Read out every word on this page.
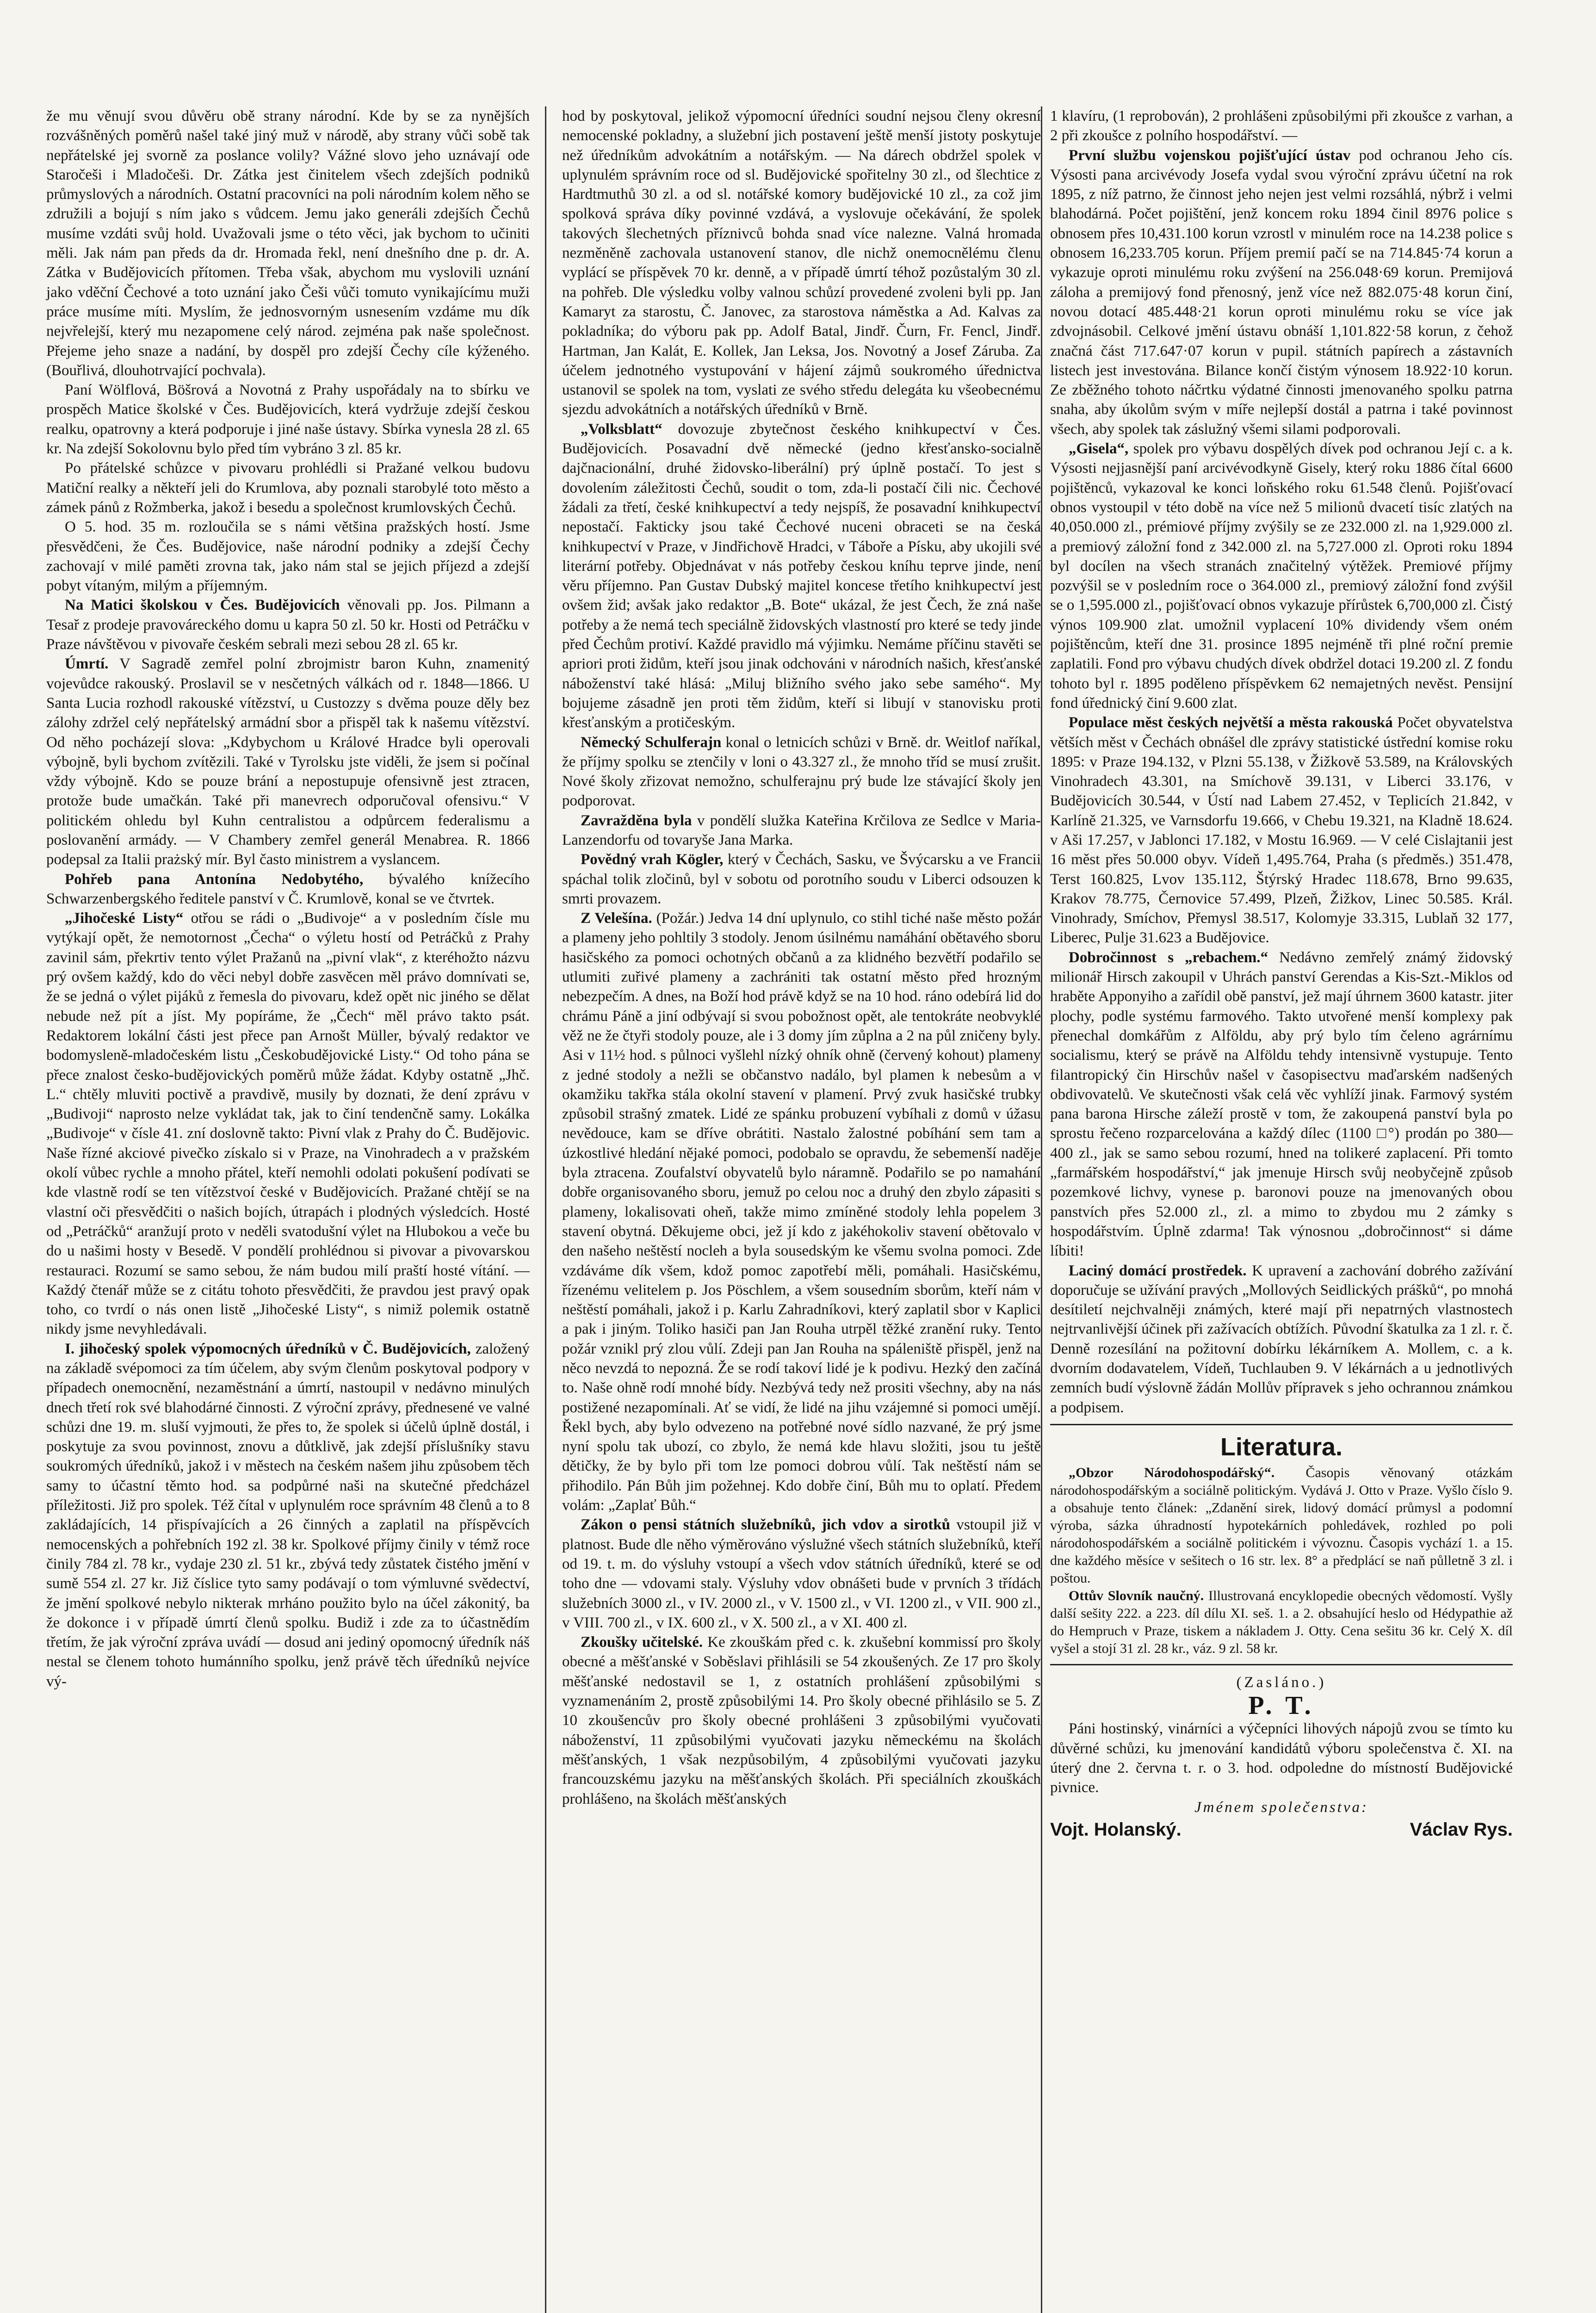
že mu věnují svou důvěru obě strany národní. Kde by se za nynějších rozvášněných poměrů našel také jiný muž v národě, aby strany vůči sobě tak nepřátelské jej svorně za poslance volily? Vážné slovo jeho uznávají ode Staročeši i Mladočeši. Dr. Zátka jest činitelem všech zdejších podniků průmyslových a národních. Ostatní pracovníci na poli národním kolem něho se združili a bojují s ním jako s vůdcem. Jemu jako generáli zdejších Čechů musíme vzdáti svůj hold. Uvažovali jsme o této věci, jak bychom to učiniti měli. Jak nám pan předs da dr. Hromada řekl, není dnešního dne p. dr. A. Zátka v Budějovicích přítomen. Třeba však, abychom mu vyslovili uznání jako vděční Čechové a toto uznání jako Češi vůči tomuto vynikajícímu muži práce musíme míti. Myslím, že jednosvorným usnesením vzdáme mu dík nejvřelejší, který mu nezapomene celý národ. zejména pak naše společnost. Přejeme jeho snaze a nadání, by dospěl pro zdejší Čechy cíle kýženého. (Bouřlivá, dlouhotrvající pochvala).

Paní Wölflová, Böšrová a Novotná z Prahy uspořádaly na to sbírku ve prospěch Matice školské v Čes. Budějovicích, která vydržuje zdejší českou realku, opatrovny a která podporuje i jiné naše ústavy. Sbírka vynesla 28 zl. 65 kr. Na zdejší Sokolovnu bylo před tím vybráno 3 zl. 85 kr.

Po přátelské schůzce v pivovaru prohlédli si Pražané velkou budovu Matiční realky a někteří jeli do Krumlova, aby poznali starobylé toto město a zámek pánů z Rožmberka, jakož i besedu a společnost krumlovských Čechů.

O 5. hod. 35 m. rozloučila se s námi většina pražských hostí. Jsme přesvědčeni, že Čes. Budějovice, naše národní podniky a zdejší Čechy zachovají v milé paměti zrovna tak, jako nám stal se jejich příjezd a zdejší pobyt vítaným, milým a příjemným.

Na Matici školskou v Čes. Budějovicích věnovali pp. Jos. Pilmann a Tesař z prodeje pravováreckého domu u kapra 50 zl. 50 kr. Hosti od Petráčku v Praze návštěvou v pivovaře českém sebrali mezi sebou 28 zl. 65 kr.

Úmrtí. V Sagradě zemřel polní zbrojmistr baron Kuhn, znamenitý vojevůdce rakouský. Proslavil se v nesčetných válkách od r. 1848—1866. U Santa Lucia rozhodl rakouské vítězství, u Custozzy s dvěma pouze děly bez zálohy zdržel celý nepřátelský armádní sbor a přispěl tak k našemu vítězství. Od něho pocházejí slova: „Kdybychom u Králové Hradce byli operovali výbojně, byli bychom zvítězili. Také v Tyrolsku jste viděli, že jsem si počínal vždy výbojně. Kdo se pouze brání a nepostupuje ofensivně jest ztracen, protože bude umačkán. Také při manevrech odporučoval ofensivu.“ V politickém ohledu byl Kuhn centralistou a odpůrcem federalismu a poslovanění armády. — V Chambery zemřel generál Menabrea. R. 1866 podepsal za Italii prażský mír. Byl často ministrem a vyslancem.

Pohřeb pana Antonína Nedobytého, bývalého knížecího Schwarzenbergského ředitele panství v Č. Krumlově, konal se ve čtvrtek.

„Jihočeské Listy“ otřou se rádi o „Budivoje“ a v posledním čísle mu vytýkají opět, že nemotornost „Čecha“ o výletu hostí od Petráčků z Prahy zavinil sám, překrtiv tento výlet Pražanů na „pivní vlak“, z kteréhožto názvu prý ovšem každý, kdo do věci nebyl dobře zasvěcen měl právo domnívati se, že se jedná o výlet pijáků z řemesla do pivovaru, kdež opět nic jiného se dělat nebude než pít a jíst. My popíráme, že „Čech“ měl právo takto psát. Redaktorem lokální části jest přece pan Arnošt Müller, bývalý redaktor ve bodomysleně-mladočeském listu „Českobudějovické Listy.“ Od toho pána se přece znalost česko-budějovických poměrů může žádat. Kdyby ostatně „Jhč. L.“ chtěly mluviti poctivě a pravdivě, musily by doznati, že dení zprávu v „Budivoji“ naprosto nelze vykládat tak, jak to činí tendenčně samy. Lokálka „Budivoje“ v čísle 41. zní doslovně takto: Pivní vlak z Prahy do Č. Budějovic. Naše řízné akciové pivečko získalo si v Praze, na Vinohradech a v pražském okolí vůbec rychle a mnoho přátel, kteří nemohli odolati pokušení podívati se kde vlastně rodí se ten vítězstvoí české v Budějovicích. Pražané chtějí se na vlastní oči přesvědčiti o našich bojích, útrapách i plodných výsledcích. Hosté od „Petráčků“ aranžují proto v neděli svatodušní výlet na Hlubokou a veče bu do u našimi hosty v Besedě. V pondělí prohlédnou si pivovar a pivovarskou restauraci. Rozumí se samo sebou, že nám budou milí praští hosté vítání. — Každý čtenář může se z citátu tohoto přesvědčiti, že pravdou jest pravý opak toho, co tvrdí o nás onen listě „Jihočeské Listy“, s nimiž polemik ostatně nikdy jsme nevyhledávali.

I. jihočeský spolek výpomocných úředníků v Č. Budějovicích, založený na základě svépomoci za tím účelem, aby svým členům poskytoval podpory v případech onemocnění, nezaměstnání a úmrtí, nastoupil v nedávno minulých dnech třetí rok své blahodárné činnosti. Z výroční zprávy, přednesené ve valné schůzi dne 19. m. sluší vyjmouti, že přes to, že spolek si účelů úplně dostál, i poskytuje za svou povinnost, znovu a důtklivě, jak zdejší příslušníky stavu soukromých úředníků, jakož i v městech na českém našem jihu způsobem těch samy to účastní těmto hod. sa podpůrné naši na skutečné předcházel příležitosti. Již pro spolek. Též čítal v uplynulém roce správním 48 členů a to 8 zakládajících, 14 přispívajících a 26 činných a zaplatil na příspěvcích nemocenských a pohřebních 192 zl. 38 kr. Spolkové příjmy činily v témž roce činily 784 zl. 78 kr., vydaje 230 zl. 51 kr., zbývá tedy zůstatek čistého jmění v sumě 554 zl. 27 kr. Již číslice tyto samy podávají o tom výmluvné svědectví, že jmění spolkové nebylo nikterak mrháno použito bylo na účel zákonitý, ba že dokonce i v případě úmrtí členů spolku. Budiž i zde za to účastnědím třetím, že jak výroční zpráva uvádí — dosud ani jediný opomocný úředník náš nestal se členem tohoto humánního spolku, jenž právě těch úředníků nejvíce vý-

hod by poskytoval, jelikož výpomocní úředníci soudní nejsou členy okresní nemocenské pokladny, a služební jich postavení ještě menší jistoty poskytuje než úředníkům advokátním a notářským. — Na dárech obdržel spolek v uplynulém správním roce od sl. Budějovické spořitelny 30 zl., od šlechtice z Hardtmuthů 30 zl. a od sl. notářské komory budějovické 10 zl., za což jim spolková správa díky povinné vzdává, a vyslovuje očekávání, že spolek takových šlechetných příznivců bohda snad více nalezne. Valná hromada nezměněně zachovala ustanovení stanov, dle nichž onemocnělému členu vyplácí se příspěvek 70 kr. denně, a v případě úmrtí téhož pozůstalým 30 zl. na pohřeb. Dle výsledku volby valnou schůzí provedené zvoleni byli pp. Jan Kamaryt za starostu, Č. Janovec, za starostova náměstka a Ad. Kalvas za pokladníka; do výboru pak pp. Adolf Batal, Jindř. Čurn, Fr. Fencl, Jindř. Hartman, Jan Kalát, E. Kollek, Jan Leksa, Jos. Novotný a Josef Záruba. Za účelem jednotného vystupování v hájení zájmů soukromého úřednictva ustanovil se spolek na tom, vyslati ze svého středu delegáta ku všeobecnému sjezdu advokátních a notářských úředníků v Brně.

„Volksblatt“ dovozuje zbytečnost českého knihkupectví v Čes. Budějovicích. Posavadní dvě německé (jedno křesťansko-socialně dajčnacionální, druhé židovsko-liberální) prý úplně postačí. To jest s dovolením záležitosti Čechů, soudit o tom, zda-li postačí čili nic. Čechové žádali za třetí, české knihkupectví a tedy nejspíš, že posavadní knihkupectví nepostačí. Fakticky jsou také Čechové nuceni obraceti se na česká knihkupectví v Praze, v Jindřichově Hradci, v Táboře a Písku, aby ukojili své literární potřeby. Objednávat v nás potřeby českou kníhu teprve jinde, není věru příjemno. Pan Gustav Dubský majitel koncese třetího knihkupectví jest ovšem žid; avšak jako redaktor „B. Bote“ ukázal, že jest Čech, že zná naše potřeby a že nemá tech speciálně židovských vlastností pro které se tedy jinde před Čechům protiví. Každé pravidlo má výjimku. Nemáme příčinu stavěti se apriori proti židům, kteří jsou jinak odchováni v národních našich, křesťanské náboženství také hlásá: „Miluj bližního svého jako sebe samého“. My bojujeme zásadně jen proti těm židům, kteří si libují v stanovisku proti křesťanským a protičeským.

Německý Schulferajn konal o letnicích schůzi v Brně. dr. Weitlof naříkal, že příjmy spolku se ztenčily v loni o 43.327 zl., že mnoho tříd se musí zrušit. Nové školy zřizovat nemožno, schulferajnu prý bude lze stávající školy jen podporovat.

Zavražděna byla v pondělí služka Kateřina Krčilova ze Sedlce v Maria-Lanzendorfu od tovaryše Jana Marka.

Povědný vrah Kögler, který v Čechách, Sasku, ve Švýcarsku a ve Francii spáchal tolik zločinů, byl v sobotu od porotního soudu v Liberci odsouzen k smrti provazem.

Z Velešína. (Požár.) Jedva 14 dní uplynulo, co stihl tiché naše město požár a plameny jeho pohltily 3 stodoly. Jenom úsilnému namáhání obětavého sboru hasičského za pomoci ochotných občanů a za klidného bezvětří podařilo se utlumiti zuřivé plameny a zachrániti tak ostatní město před hrozným nebezpečím. A dnes, na Boží hod právě když se na 10 hod. ráno odebírá lid do chrámu Páně a jiní odbývají si svou pobožnost opět, ale tentokráte neobvyklé věž ne že čtyři stodoly pouze, ale i 3 domy jím zůplna a 2 na půl zničeny byly. Asi v 11½ hod. s půlnoci vyšlehl nízký ohník ohně (červený kohout) plameny z jedné stodoly a nežli se občanstvo nadálo, byl plamen k nebesům a v okamžiku takřka stála okolní stavení v plamení. Prvý zvuk hasičské trubky způsobil strašný zmatek. Lidé ze spánku probuzení vybíhali z domů v úžasu nevědouce, kam se dříve obrátiti. Nastalo žalostné pobíhání sem tam a úzkostlivé hledání nějaké pomoci, podobalo se opravdu, že sebemenší naděje byla ztracena. Zoufalství obyvatelů bylo náramně. Podařilo se po namahání dobře organisovaného sboru, jemuž po celou noc a druhý den zbylo zápasiti s plameny, lokalisovati oheň, takže mimo zmíněné stodoly lehla popelem 3 stavení obytná. Děkujeme obci, jež jí kdo z jakéhokoliv stavení obětovalo v den našeho neštěstí nocleh a byla sousedským ke všemu svolna pomoci. Zde vzdáváme dík všem, kdož pomoc zapotřebí měli, pomáhali. Hasičskému, řízenému velitelem p. Jos Pöschlem, a všem sousedním sborům, kteří nám v neštěstí pomáhali, jakož i p. Karlu Zahradníkovi, který zaplatil sbor v Kaplici a pak i jiným. Toliko hasiči pan Jan Rouha utrpěl těžké zranění ruky. Tento požár vznikl prý zlou vůlí. Zdeji pan Jan Rouha na spáleniště přispěl, jenž na něco nevzdá to nepozná. Že se rodí takoví lidé je k podivu. Hezký den začíná to. Naše ohně rodí mnohé bídy. Nezbývá tedy než prositi všechny, aby na nás postižené nezapomínali. Ať se vidí, že lidé na jihu vzájemné si pomoci umějí. Řekl bych, aby bylo odvezeno na potřebné nové sídlo nazvané, že prý jsme nyní spolu tak ubozí, co zbylo, že nemá kde hlavu složiti, jsou tu ještě dětičky, že by bylo při tom lze pomoci dobrou vůlí. Tak neštěstí nám se přihodilo. Pán Bůh jim požehnej. Kdo dobře činí, Bůh mu to oplatí. Předem volám: „Zaplať Bůh.“

Zákon o pensi státních služebníků, jich vdov a sirotků vstoupil již v platnost. Bude dle něho výměrováno výslužné všech státních služebníků, kteří od 19. t. m. do výsluhy vstoupí a všech vdov státních úředníků, které se od toho dne — vdovami staly. Výsluhy vdov obnášeti bude v prvních 3 třídách služebních 3000 zl., v IV. 2000 zl., v V. 1500 zl., v VI. 1200 zl., v VII. 900 zl., v VIII. 700 zl., v IX. 600 zl., v X. 500 zl., a v XI. 400 zl.

Zkoušky učitelské. Ke zkouškám před c. k. zkušební kommissí pro školy obecné a měšťanské v Soběslavi přihlásili se 54 zkoušených. Ze 17 pro školy měšťanské nedostavil se 1, z ostatních prohlášení způsobilými s vyznamenáním 2, prostě způsobilými 14. Pro školy obecné přihlásilo se 5. Z 10 zkoušencův pro školy obecné prohlášeni 3 způsobilými vyučovati náboženství, 11 způsobilými vyučovati jazyku německému na školách měšťanských, 1 však nezpůsobilým, 4 způsobilými vyučovati jazyku francouzskému jazyku na měšťanských školách. Při speciálních zkouškách prohlášeno, na školách měšťanských

1 klavíru, (1 reprobován), 2 prohlášeni způsobilými při zkoušce z varhan, a 2 při zkoušce z polního hospodářství. —

První službu vojenskou pojišťující ústav pod ochranou Jeho cís. Výsosti pana arcivévody Josefa vydal svou výroční zprávu účetní na rok 1895, z níž patrno, že činnost jeho nejen jest velmi rozsáhlá, nýbrž i velmi blahodárná. Počet pojištění, jenž koncem roku 1894 činil 8976 police s obnosem přes 10,431.100 korun vzrostl v minulém roce na 14.238 police s obnosem 16,233.705 korun. Příjem premií pačí se na 714.845·74 korun a vykazuje oproti minulému roku zvýšení na 256.048·69 korun. Premijová záloha a premijový fond přenosný, jenž více než 882.075·48 korun činí, novou dotací 485.448·21 korun oproti minulému roku se více jak zdvojnásobil. Celkové jmění ústavu obnáší 1,101.822·58 korun, z čehož značná část 717.647·07 korun v pupil. státních papírech a zástavních listech jest investována. Bilance končí čistým výnosem 18.922·10 korun. Ze zběžného tohoto náčrtku výdatné činnosti jmenovaného spolku patrna snaha, aby úkolům svým v míře nejlepší dostál a patrna i také povinnost všech, aby spolek tak záslužný všemi silami podporovali.

„Gisela“, spolek pro výbavu dospělých dívek pod ochranou Její c. a k. Výsosti nejjasnější paní arcivévodkyně Gisely, který roku 1886 čítal 6600 pojištěnců, vykazoval ke konci loňského roku 61.548 členů. Pojišťovací obnos vystoupil v této době na více než 5 milionů dvacetí tisíc zlatých na 40,050.000 zl., prémiové příjmy zvýšily se ze 232.000 zl. na 1,929.000 zl. a premiový záložní fond z 342.000 zl. na 5,727.000 zl. Oproti roku 1894 byl docílen na všech stranách značitelný výtěžek. Premiové příjmy pozvýšil se v posledním roce o 364.000 zl., premiový záložní fond zvýšil se o 1,595.000 zl., pojišťovací obnos vykazuje přírůstek 6,700,000 zl. Čistý výnos 109.900 zlat. umožnil vyplacení 10% dividendy všem oném pojištěncům, kteří dne 31. prosince 1895 nejméně tři plné roční premie zaplatili. Fond pro výbavu chudých dívek obdržel dotaci 19.200 zl. Z fondu tohoto byl r. 1895 poděleno příspěvkem 62 nemajetných nevěst. Pensijní fond úřednický činí 9.600 zlat.

Populace měst českých největší a města rakouská Počet obyvatelstva větších měst v Čechách obnášel dle zprávy statistické ústřední komise roku 1895: v Praze 194.132, v Plzni 55.138, v Žižkově 53.589, na Královských Vinohradech 43.301, na Smíchově 39.131, v Liberci 33.176, v Budějovicích 30.544, v Ústí nad Labem 27.452, v Teplicích 21.842, v Karlíně 21.325, ve Varnsdorfu 19.666, v Chebu 19.321, na Kladně 18.624. v Aši 17.257, v Jablonci 17.182, v Mostu 16.969. — V celé Cislajtanii jest 16 měst přes 50.000 obyv. Vídeň 1,495.764, Praha (s předměs.) 351.478, Terst 160.825, Lvov 135.112, Štýrský Hradec 118.678, Brno 99.635, Krakov 78.775, Černovice 57.499, Plzeň, Žižkov, Linec 50.585. Král. Vinohrady, Smíchov, Přemysl 38.517, Kolomyje 33.315, Lublaň 32 177, Liberec, Pulje 31.623 a Budějovice.

Dobročinnost s „rebachem.“ Nedávno zemřelý známý židovský milionář Hirsch zakoupil v Uhrách panství Gerendas a Kis-Szt.-Miklos od hraběte Apponyiho a zařídil obě panství, jež mají úhrnem 3600 katastr. jiter plochy, podle systému farmového. Takto utvořené menší komplexy pak přenechal domkářům z Alföldu, aby prý bylo tím čeleno agrárnímu socialismu, který se právě na Alföldu tehdy intensivně vystupuje. Tento filantropický čin Hirschův našel v časopisectvu maďarském nadšených obdivovatelů. Ve skutečnosti však celá věc vyhlíží jinak. Farmový systém pana barona Hirsche záleží prostě v tom, že zakoupená panství byla po sprostu řečeno rozparcelována a každý dílec (1100 □°) prodán po 380—400 zl., jak se samo sebou rozumí, hned na tolikeré zaplacení. Při tomto „farmářském hospodářství,“ jak jmenuje Hirsch svůj neobyčejně způsob pozemkové lichvy, vynese p. baronovi pouze na jmenovaných obou panstvích přes 52.000 zl., zl. a mimo to zbydou mu 2 zámky s hospodářstvím. Úplně zdarma! Tak výnosnou „dobročinnost“ si dáme líbiti!

Laciný domácí prostředek. K upravení a zachování dobrého zažívání doporučuje se užívání pravých „Mollových Seidlických prášků“, po mnohá desítiletí nejchvalněji známých, které mají při nepatrných vlastnostech nejtrvanlivější účinek při zažívacích obtížích. Původní škatulka za 1 zl. r. č. Denně rozesílání na požitovní dobírku lékárníkem A. Mollem, c. a k. dvorním dodavatelem, Vídeň, Tuchlauben 9. V lékárnách a u jednotlivých zemních budí výslovně žádán Mollův přípravek s jeho ochrannou známkou a podpisem.

Literatura.

„Obzor Národohospodářský“. Časopis věnovaný otázkám národohospodářským a sociálně politickým. Vydává J. Otto v Praze. Vyšlo číslo 9. a obsahuje tento článek: „Zdanění sirek, lidový domácí průmysl a podomní výroba, sázka úhradností hypotekárních pohledávek, rozhled po poli národohospodářském a sociálně politickém i vývoznu. Časopis vychází 1. a 15. dne každého měsíce v sešitech o 16 str. lex. 8° a předplácí se naň půlletně 3 zl. i poštou.

Ottův Slovník naučný. Illustrovaná encyklopedie obecných vědomostí. Vyšly další sešity 222. a 223. díl dílu XI. seš. 1. a 2. obsahující heslo od Hédypathie až do Hempruch v Praze, tiskem a nákladem J. Otty. Cena sešitu 36 kr. Celý X. díl vyšel a stojí 31 zl. 28 kr., váz. 9 zl. 58 kr.

(Zasláno.)

P. T.

Páni hostinský, vinárníci a výčepníci lihových nápojů zvou se tímto ku důvěrné schůzi, ku jmenování kandidátů výboru společenstva č. XI. na úterý dne 2. června t. r. o 3. hod. odpoledne do místností Budějovické pivnice.

Jménem společenstva:

Vojt. Holanský.	Václav Rys.
